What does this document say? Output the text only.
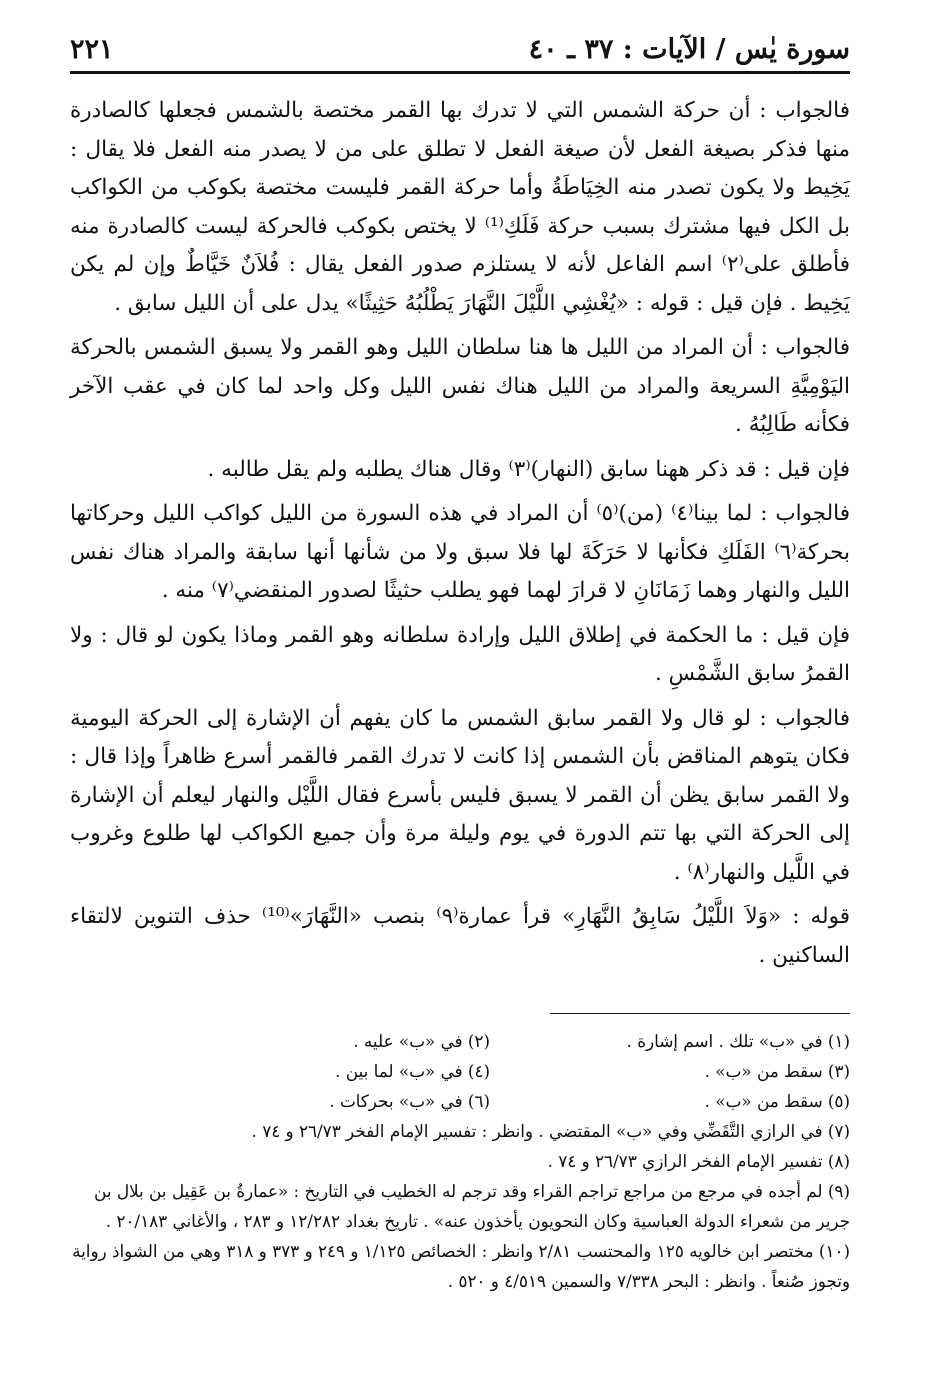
سورة يٰس / الآيات : ٣٧ ـ ٤٠
٢٢١

فالجواب : أن حركة الشمس التي لا تدرك بها القمر مختصة بالشمس فجعلها كالصادرة منها فذكر بصيغة الفعل لأن صيغة الفعل لا تطلق على من لا يصدر منه الفعل فلا يقال : يَخِيط ولا يكون تصدر منه الخِيَاطَةُ وأما حركة القمر فليست مختصة بكوكب من الكواكب بل الكل فيها مشترك بسبب حركة فَلَكِ⁽¹⁾ لا يختص بكوكب فالحركة ليست كالصادرة منه فأطلق على⁽٢⁾ اسم الفاعل لأنه لا يستلزم صدور الفعل يقال : فُلاَنٌ خَيَّاطٌ وإن لم يكن يَخِيط . فإن قيل : قوله : «يُغْشِي اللَّيْلَ النَّهَارَ يَطْلُبُهُ حَثِيثًا» يدل على أن الليل سابق .

فالجواب : أن المراد من الليل ها هنا سلطان الليل وهو القمر ولا يسبق الشمس بالحركة اليَوْمِيَّةِ السريعة والمراد من الليل هناك نفس الليل وكل واحد لما كان في عقب الآخر فكأنه طَالِبُهُ .

فإن قيل : قد ذكر ههنا سابق (النهار)⁽٣⁾ وقال هناك يطلبه ولم يقل طالبه .

فالجواب : لما بينا⁽٤⁾ (من)⁽٥⁾ أن المراد في هذه السورة من الليل كواكب الليل وحركاتها بحركة⁽٦⁾ الفَلَكِ فكأنها لا حَرَكَةَ لها فلا سبق ولا من شأنها أنها سابقة والمراد هناك نفس الليل والنهار وهما زَمَانَانِ لا قرارَ لهما فهو يطلب حثيثًا لصدور المنقضي⁽٧⁾ منه .

فإن قيل : ما الحكمة في إطلاق الليل وإرادة سلطانه وهو القمر وماذا يكون لو قال : ولا القمرُ سابق الشَّمْسِ .

فالجواب : لو قال ولا القمر سابق الشمس ما كان يفهم أن الإشارة إلى الحركة اليومية فكان يتوهم المناقض بأن الشمس إذا كانت لا تدرك القمر فالقمر أسرع ظاهراً وإذا قال : ولا القمر سابق يظن أن القمر لا يسبق فليس بأسرع فقال اللَّيْل والنهار ليعلم أن الإشارة إلى الحركة التي بها تتم الدورة في يوم وليلة مرة وأن جميع الكواكب لها طلوع وغروب في اللَّيل والنهار⁽٨⁾ .

قوله : «وَلاَ اللَّيْلُ سَابِقُ النَّهَارِ» قرأ عمارة⁽٩⁾ بنصب «النَّهَارَ»⁽¹⁰⁾ حذف التنوين لالتقاء الساكنين .

(١) في «ب» تلك . اسم إشارة .
(٢) في «ب» عليه .
(٣) سقط من «ب» .
(٤) في «ب» لما بين .
(٥) سقط من «ب» .
(٦) في «ب» بحركات .
(٧) في الرازي التَّقَضِّي وفي «ب» المقتضي . وانظر : تفسير الإمام الفخر ٢٦/٧٣ و ٧٤ .
(٨) تفسير الإمام الفخر الرازي ٢٦/٧٣ و ٧٤ .
(٩) لم أجده في مرجع من مراجع تراجم القراء وقد ترجم له الخطيب في التاريخ : «عمارةُ بن عَقِيل بن بلال بن جرير من شعراء الدولة العباسية وكان النحويون يأخذون عنه» . تاريخ بغداد ١٢/٢٨٢ و ٢٨٣ ، والأغاني ٢٠/١٨٣ .
(١٠) مختصر ابن خالويه ١٢٥ والمحتسب ٢/٨١ وانظر : الخصائص ١/١٢٥ و ٢٤٩ و ٣٧٣ و ٣١٨ وهي من الشواذ رواية وتجوز صُنعاً . وانظر : البحر ٧/٣٣٨ والسمين ٤/٥١٩ و ٥٢٠ .
